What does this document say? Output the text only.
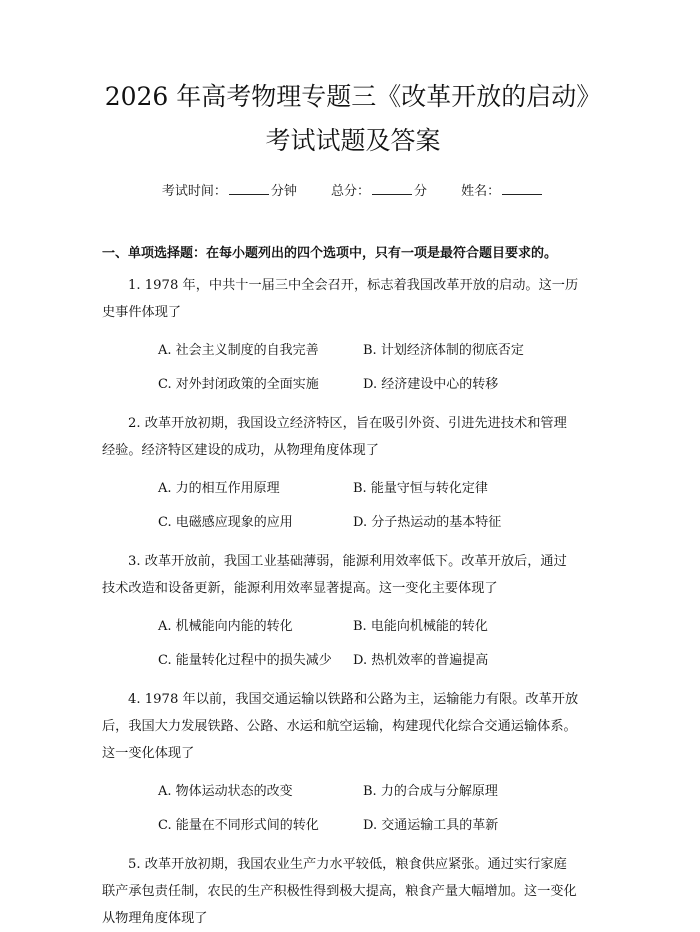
2026 年高考物理专题三《改革开放的启动》
考试试题及答案
考试时间：	分钟	总分：	分	姓名：
一、单项选择题：在每小题列出的四个选项中，只有一项是最符合题目要求的。
1. 1978 年，中共十一届三中全会召开，标志着我国改革开放的启动。这一历
史事件体现了
A. 社会主义制度的自我完善	B. 计划经济体制的彻底否定
C. 对外封闭政策的全面实施	D. 经济建设中心的转移
2. 改革开放初期，我国设立经济特区，旨在吸引外资、引进先进技术和管理
经验。经济特区建设的成功，从物理角度体现了
A. 力的相互作用原理	B. 能量守恒与转化定律
C. 电磁感应现象的应用	D. 分子热运动的基本特征
3. 改革开放前，我国工业基础薄弱，能源利用效率低下。改革开放后，通过
技术改造和设备更新，能源利用效率显著提高。这一变化主要体现了
A. 机械能向内能的转化	B. 电能向机械能的转化
C. 能量转化过程中的损失减少	D. 热机效率的普遍提高
4. 1978 年以前，我国交通运输以铁路和公路为主，运输能力有限。改革开放
后，我国大力发展铁路、公路、水运和航空运输，构建现代化综合交通运输体系。
这一变化体现了
A. 物体运动状态的改变	B. 力的合成与分解原理
C. 能量在不同形式间的转化	D. 交通运输工具的革新
5. 改革开放初期，我国农业生产力水平较低，粮食供应紧张。通过实行家庭
联产承包责任制，农民的生产积极性得到极大提高，粮食产量大幅增加。这一变化
从物理角度体现了
